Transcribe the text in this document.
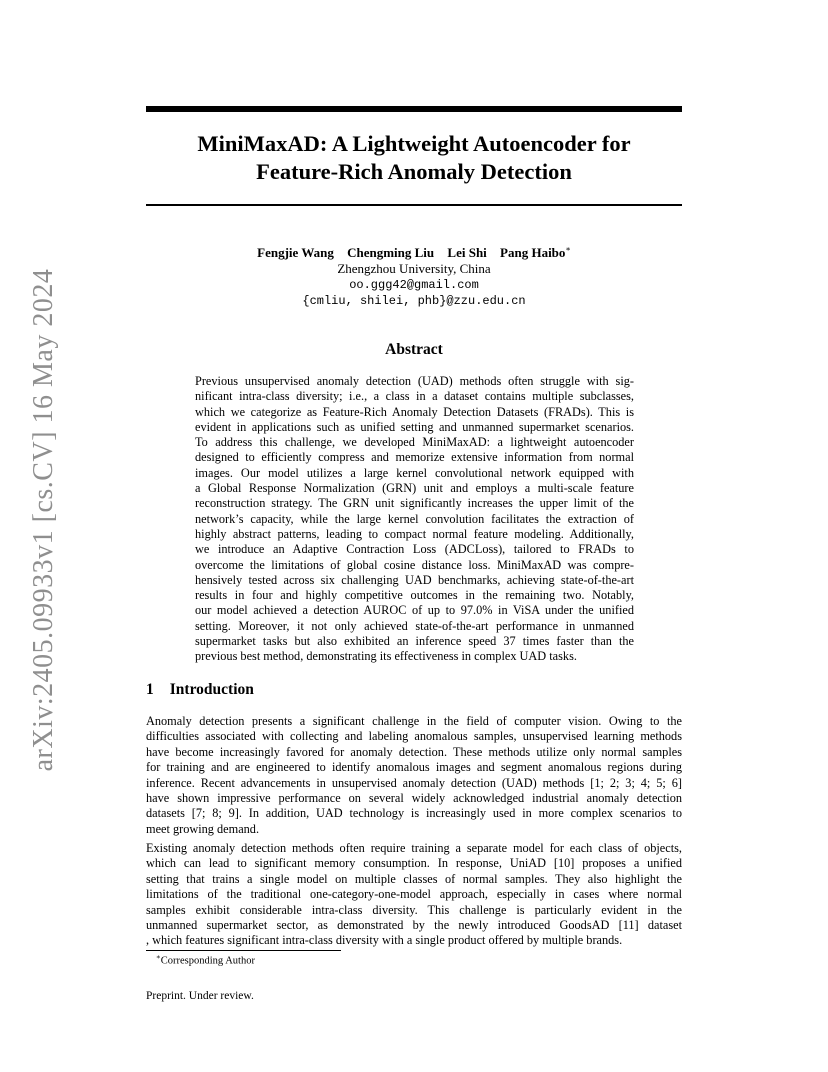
arXiv:2405.09933v1 [cs.CV] 16 May 2024
MiniMaxAD: A Lightweight Autoencoder for
Feature-Rich Anomaly Detection
Fengjie Wang Chengming Liu Lei Shi Pang Haibo∗
Zhengzhou University, China
oo.ggg42@gmail.com
{cmliu, shilei, phb}@zzu.edu.cn
Abstract
Previous unsupervised anomaly detection (UAD) methods often struggle with sig-
nificant intra-class diversity; i.e., a class in a dataset contains multiple subclasses,
which we categorize as Feature-Rich Anomaly Detection Datasets (FRADs). This is
evident in applications such as unified setting and unmanned supermarket scenarios.
To address this challenge, we developed MiniMaxAD: a lightweight autoencoder
designed to efficiently compress and memorize extensive information from normal
images. Our model utilizes a large kernel convolutional network equipped with
a Global Response Normalization (GRN) unit and employs a multi-scale feature
reconstruction strategy. The GRN unit significantly increases the upper limit of the
network’s capacity, while the large kernel convolution facilitates the extraction of
highly abstract patterns, leading to compact normal feature modeling. Additionally,
we introduce an Adaptive Contraction Loss (ADCLoss), tailored to FRADs to
overcome the limitations of global cosine distance loss. MiniMaxAD was compre-
hensively tested across six challenging UAD benchmarks, achieving state-of-the-art
results in four and highly competitive outcomes in the remaining two. Notably,
our model achieved a detection AUROC of up to 97.0% in ViSA under the unified
setting. Moreover, it not only achieved state-of-the-art performance in unmanned
supermarket tasks but also exhibited an inference speed 37 times faster than the
previous best method, demonstrating its effectiveness in complex UAD tasks.
1 Introduction
Anomaly detection presents a significant challenge in the field of computer vision. Owing to the
difficulties associated with collecting and labeling anomalous samples, unsupervised learning methods
have become increasingly favored for anomaly detection. These methods utilize only normal samples
for training and are engineered to identify anomalous images and segment anomalous regions during
inference. Recent advancements in unsupervised anomaly detection (UAD) methods [1; 2; 3; 4; 5; 6]
have shown impressive performance on several widely acknowledged industrial anomaly detection
datasets [7; 8; 9]. In addition, UAD technology is increasingly used in more complex scenarios to
meet growing demand.
Existing anomaly detection methods often require training a separate model for each class of objects,
which can lead to significant memory consumption. In response, UniAD [10] proposes a unified
setting that trains a single model on multiple classes of normal samples. They also highlight the
limitations of the traditional one-category-one-model approach, especially in cases where normal
samples exhibit considerable intra-class diversity. This challenge is particularly evident in the
unmanned supermarket sector, as demonstrated by the newly introduced GoodsAD [11] dataset
, which features significant intra-class diversity with a single product offered by multiple brands.
∗Corresponding Author
Preprint. Under review.
